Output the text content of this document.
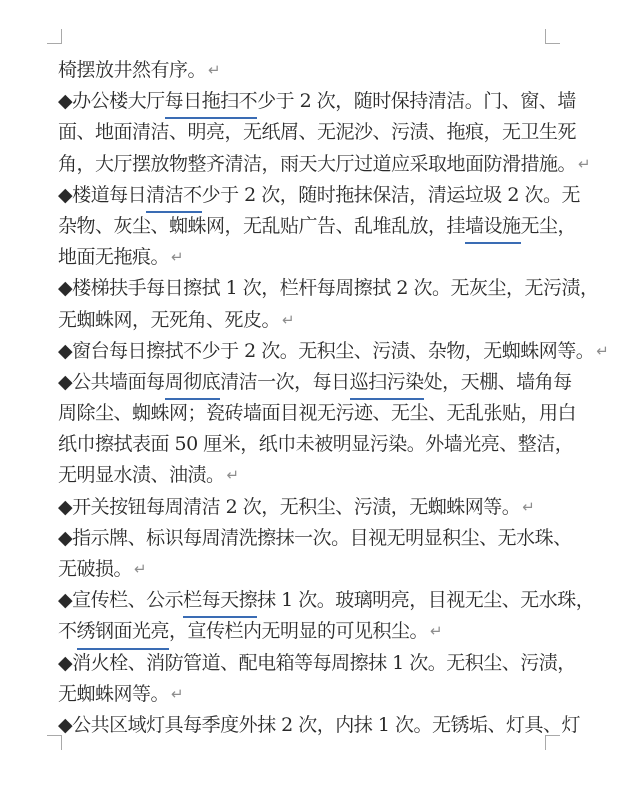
椅摆放井然有序。 ↵
◆办公楼大厅每日拖扫不少于 2 次，随时保持清洁。门、窗、墙
面、地面清洁、明亮，无纸屑、无泥沙、污渍、拖痕，无卫生死
角，大厅摆放物整齐清洁，雨天大厅过道应采取地面防滑措施。 ↵
◆楼道每日清洁不少于 2 次，随时拖抹保洁，清运垃圾 2 次。无
杂物、灰尘、蜘蛛网，无乱贴广告、乱堆乱放，挂墙设施无尘，
地面无拖痕。 ↵
◆楼梯扶手每日擦拭 1 次，栏杆每周擦拭 2 次。无灰尘，无污渍，
无蜘蛛网，无死角、死皮。 ↵
◆窗台每日擦拭不少于 2 次。无积尘、污渍、杂物，无蜘蛛网等。 ↵
◆公共墙面每周彻底清洁一次，每日巡扫污染处，天棚、墙角每
周除尘、蜘蛛网；瓷砖墙面目视无污迹、无尘、无乱张贴，用白
纸巾擦拭表面 50 厘米，纸巾未被明显污染。外墙光亮、整洁，
无明显水渍、油渍。 ↵
◆开关按钮每周清洁 2 次，无积尘、污渍，无蜘蛛网等。 ↵
◆指示牌、标识每周清洗擦抹一次。目视无明显积尘、无水珠、
无破损。 ↵
◆宣传栏、公示栏每天擦抹 1 次。玻璃明亮，目视无尘、无水珠，
不绣钢面光亮，宣传栏内无明显的可见积尘。 ↵
◆消火栓、消防管道、配电箱等每周擦抹 1 次。无积尘、污渍，
无蜘蛛网等。 ↵
◆公共区域灯具每季度外抹 2 次，内抹 1 次。无锈垢、灯具、灯
